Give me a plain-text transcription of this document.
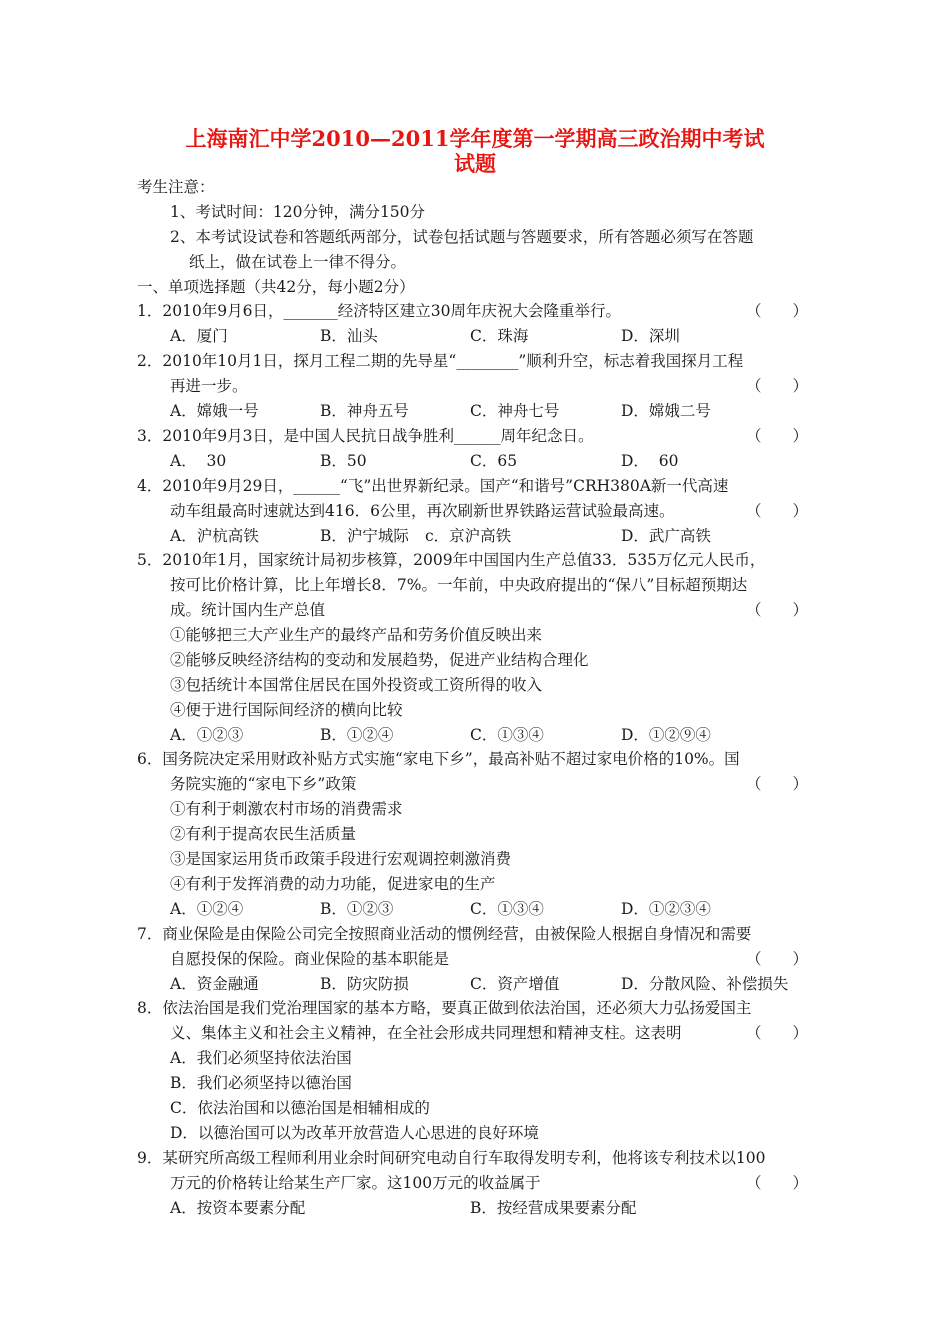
上海南汇中学2010—2011学年度第一学期高三政治期中考试
试题
考生注意：
1、考试时间：120分钟，满分150分
2、本考试设试卷和答题纸两部分，试卷包括试题与答题要求，所有答题必须写在答题
纸上，做在试卷上一律不得分。
一、单项选择题（共42分，每小题2分）
1．2010年9月6日，_______经济特区建立30周年庆祝大会隆重举行。	（　　）
A．厦门	B．汕头	C．珠海	D．深圳
2．2010年10月1日，探月工程二期的先导星“________”顺利升空，标志着我国探月工程
再进一步。	（　　）
A．嫦娥一号	B．神舟五号	C．神舟七号	D．嫦娥二号
3．2010年9月3日，是中国人民抗日战争胜利______周年纪念日。	（　　）
A．  30	B．50	C．65	D．  60
4．2010年9月29日，______“飞”出世界新纪录。国产“和谐号”CRH380A新一代高速
动车组最高时速就达到416．6公里，再次刷新世界铁路运营试验最高速。	（　　）
A．沪杭高铁	B．沪宁城际 c．京沪高铁	D．武广高铁
5．2010年1月，国家统计局初步核算，2009年中国国内生产总值33．535万亿元人民币，
按可比价格计算，比上年增长8．7%。一年前，中央政府提出的“保八”目标超预期达
成。统计国内生产总值	（　　）
①能够把三大产业生产的最终产品和劳务价值反映出来
②能够反映经济结构的变动和发展趋势，促进产业结构合理化
③包括统计本国常住居民在国外投资或工资所得的收入
④便于进行国际间经济的横向比较
A．①②③	B．①②④	C．①③④	D．①②⑨④
6．国务院决定采用财政补贴方式实施“家电下乡”，最高补贴不超过家电价格的10%。国
务院实施的“家电下乡”政策	（　　）
①有利于刺激农村市场的消费需求
②有利于提高农民生活质量
③是国家运用货币政策手段进行宏观调控刺激消费
④有利于发挥消费的动力功能，促进家电的生产
A．①②④	B．①②③	C．①③④	D．①②③④
7．商业保险是由保险公司完全按照商业活动的惯例经营，由被保险人根据自身情况和需要
自愿投保的保险。商业保险的基本职能是	（　　）
A．资金融通	B．防灾防损	C．资产增值	D．分散风险、补偿损失
8．依法治国是我们党治理国家的基本方略，要真正做到依法治国，还必须大力弘扬爱国主
义、集体主义和社会主义精神，在全社会形成共同理想和精神支柱。这表明	（　　）
A．我们必须坚持依法治国
B．我们必须坚持以德治国
C．依法治国和以德治国是相辅相成的
D．以德治国可以为改革开放营造人心思进的良好环境
9．某研究所高级工程师利用业余时间研究电动自行车取得发明专利，他将该专利技术以100
万元的价格转让给某生产厂家。这100万元的收益属于	（　　）
A．按资本要素分配	B．按经营成果要素分配
